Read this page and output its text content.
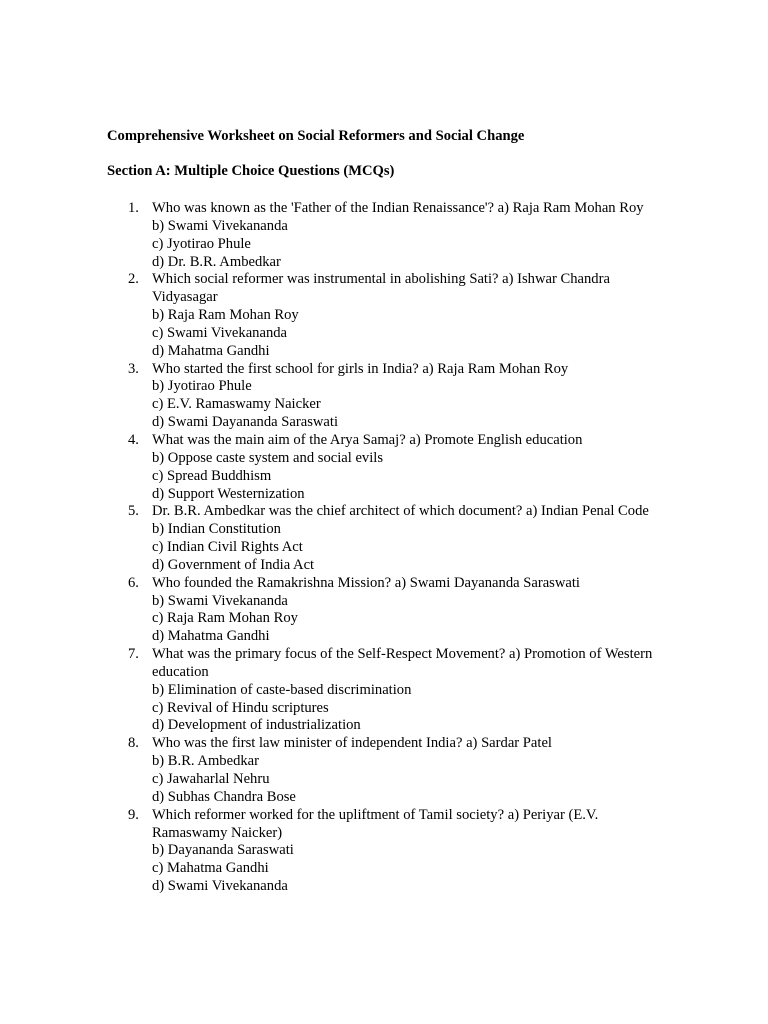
Comprehensive Worksheet on Social Reformers and Social Change

Section A: Multiple Choice Questions (MCQs)

1. Who was known as the 'Father of the Indian Renaissance'? a) Raja Ram Mohan Roy
b) Swami Vivekananda
c) Jyotirao Phule
d) Dr. B.R. Ambedkar
2. Which social reformer was instrumental in abolishing Sati? a) Ishwar Chandra Vidyasagar
b) Raja Ram Mohan Roy
c) Swami Vivekananda
d) Mahatma Gandhi
3. Who started the first school for girls in India? a) Raja Ram Mohan Roy
b) Jyotirao Phule
c) E.V. Ramaswamy Naicker
d) Swami Dayananda Saraswati
4. What was the main aim of the Arya Samaj? a) Promote English education
b) Oppose caste system and social evils
c) Spread Buddhism
d) Support Westernization
5. Dr. B.R. Ambedkar was the chief architect of which document? a) Indian Penal Code
b) Indian Constitution
c) Indian Civil Rights Act
d) Government of India Act
6. Who founded the Ramakrishna Mission? a) Swami Dayananda Saraswati
b) Swami Vivekananda
c) Raja Ram Mohan Roy
d) Mahatma Gandhi
7. What was the primary focus of the Self-Respect Movement? a) Promotion of Western education
b) Elimination of caste-based discrimination
c) Revival of Hindu scriptures
d) Development of industrialization
8. Who was the first law minister of independent India? a) Sardar Patel
b) B.R. Ambedkar
c) Jawaharlal Nehru
d) Subhas Chandra Bose
9. Which reformer worked for the upliftment of Tamil society? a) Periyar (E.V. Ramaswamy Naicker)
b) Dayananda Saraswati
c) Mahatma Gandhi
d) Swami Vivekananda
